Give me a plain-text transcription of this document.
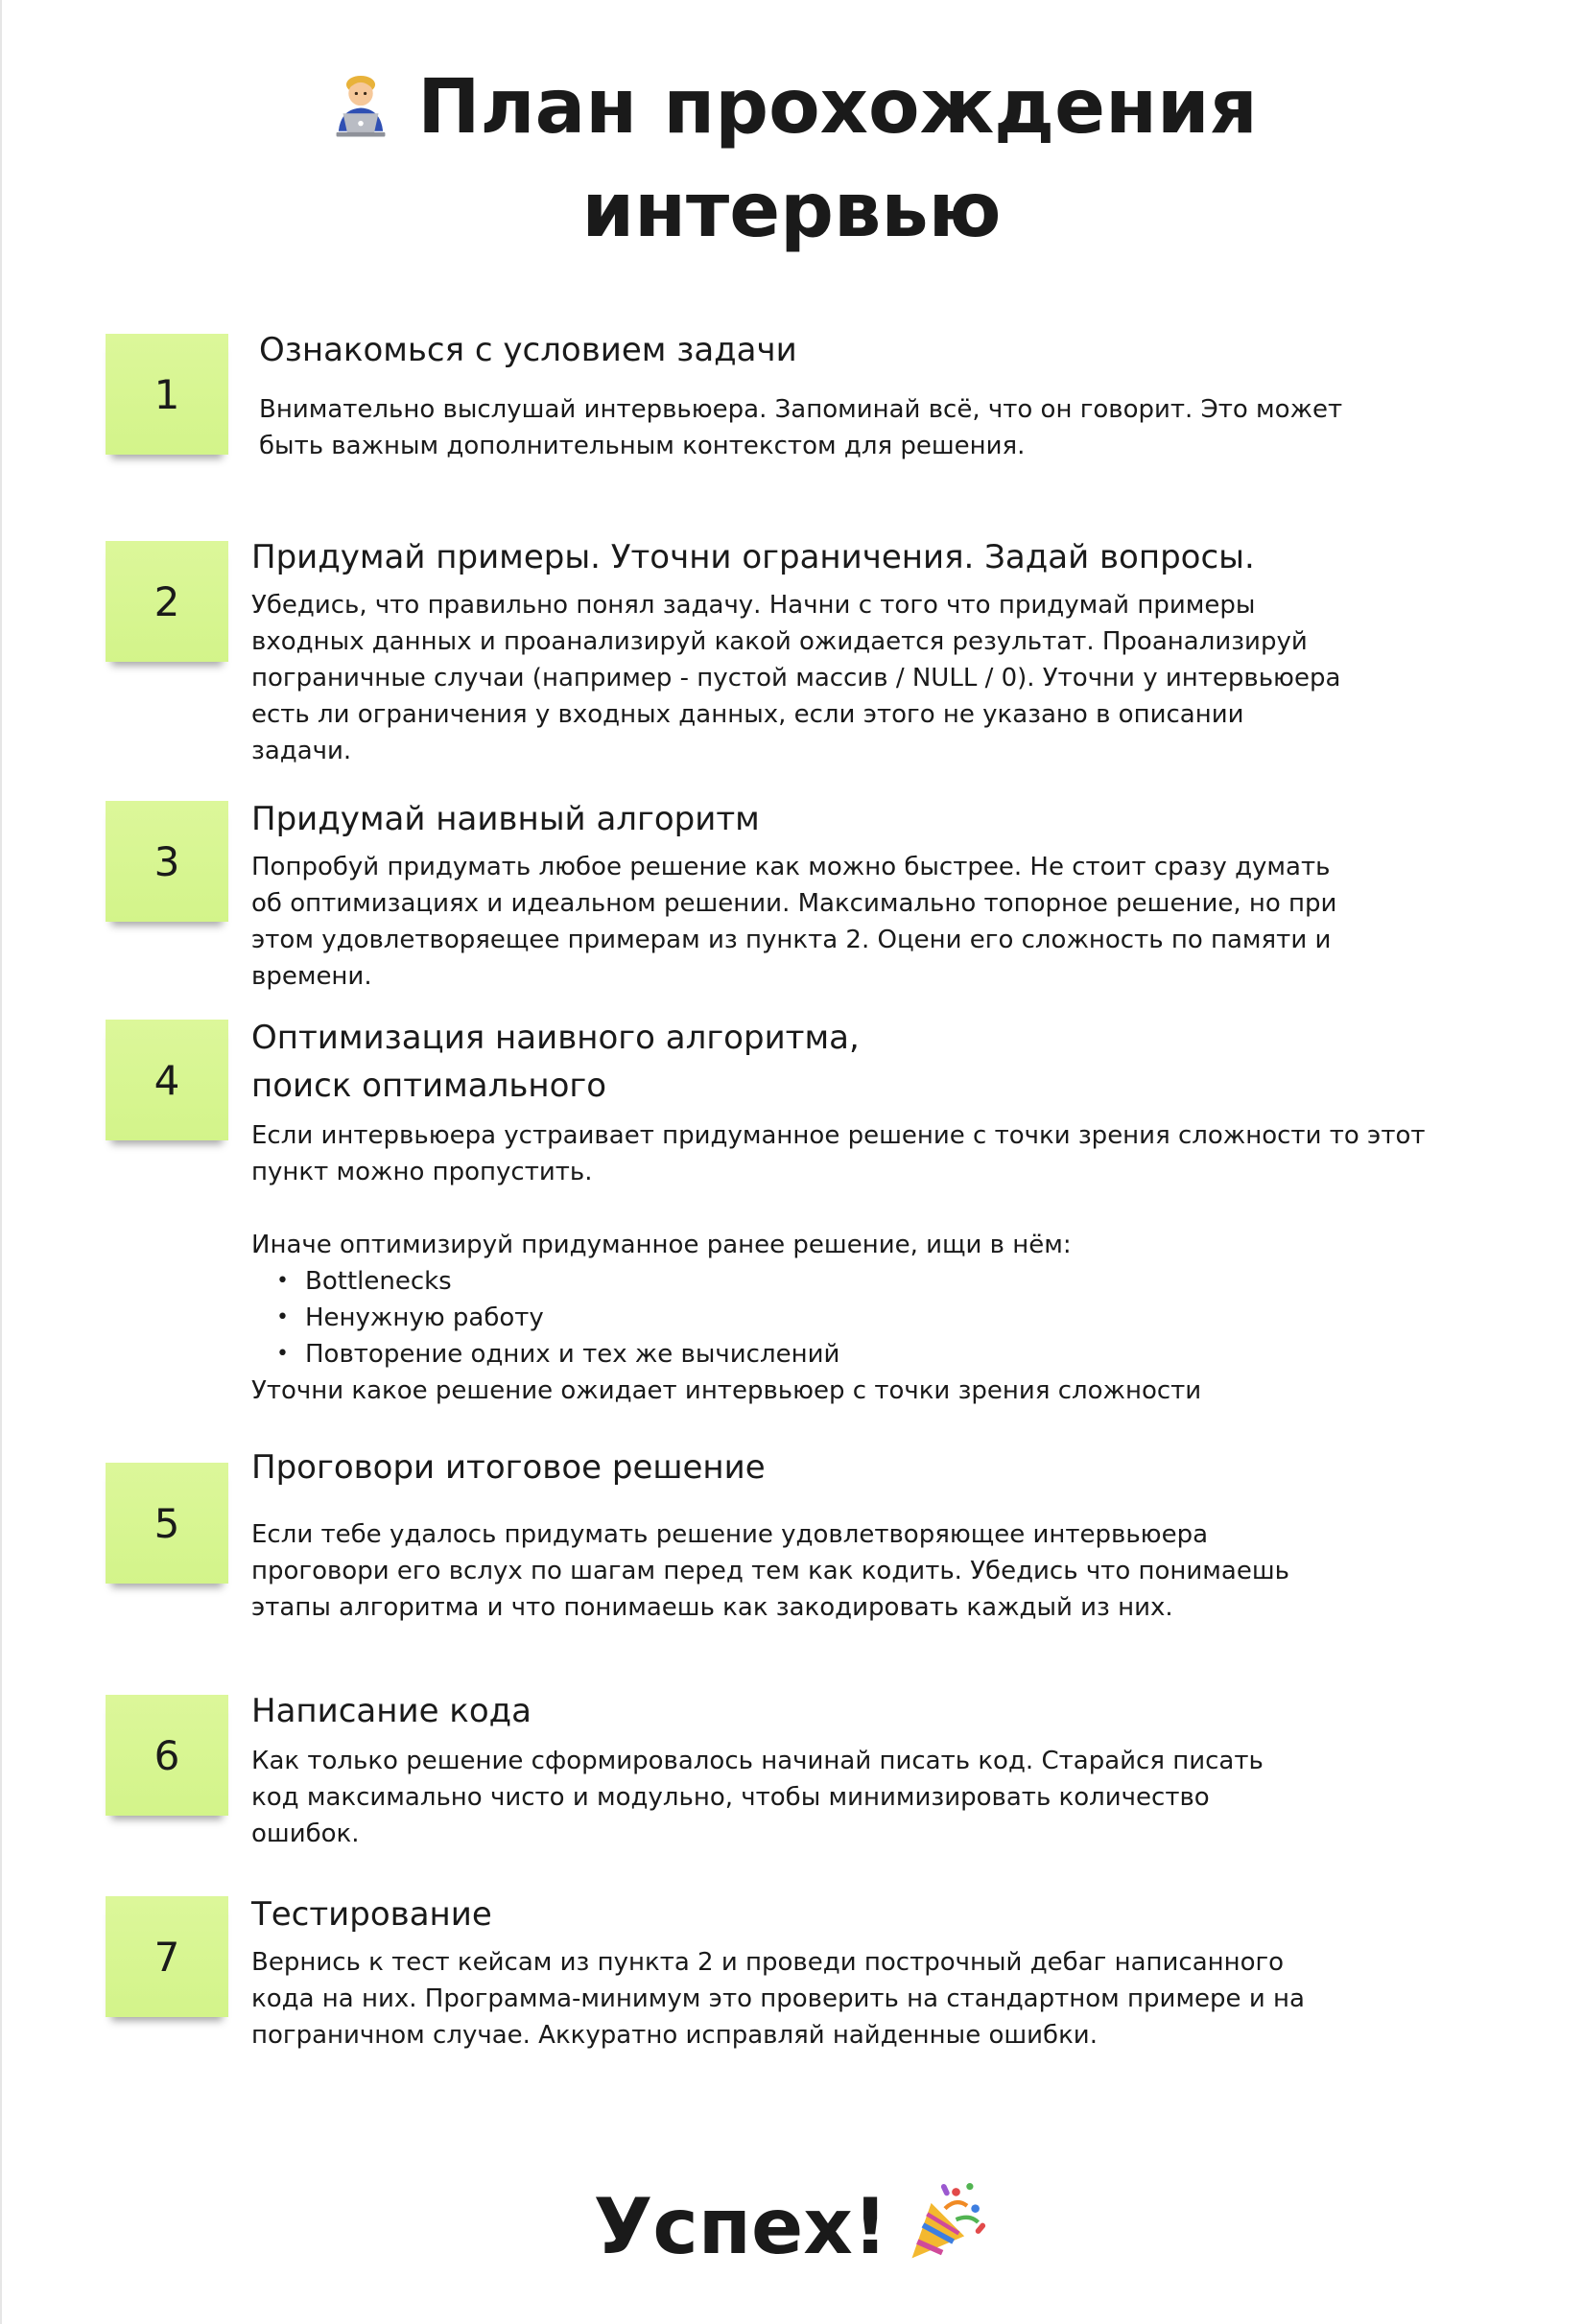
План прохождения
интервью
1
Ознакомься с условием задачи

Внимательно выслушай интервьюера. Запоминай всё, что он говорит. Это может быть важным дополнительным контекстом для решения.

2
Придумай примеры. Уточни ограничения. Задай вопросы.

Убедись, что правильно понял задачу. Начни с того что придумай примеры входных данных и проанализируй какой ожидается результат. Проанализируй пограничные случаи (например - пустой массив / NULL / 0). Уточни у интервьюера есть ли ограничения у входных данных, если этого не указано в описании задачи.

3
Придумай наивный алгоритм

Попробуй придумать любое решение как можно быстрее. Не стоит сразу думать об оптимизациях и идеальном решении. Максимально топорное решение, но при этом удовлетворяещее примерам из пункта 2. Оцени его сложность по памяти и времени.

4
Оптимизация наивного алгоритма,
поиск оптимального

Если интервьюера устраивает придуманное решение с точки зрения сложности то этот пункт можно пропустить.

Иначе оптимизируй придуманное ранее решение, ищи в нём:

• Bottlenecks
• Ненужную работу
• Повторение одних и тех же вычислений

Уточни какое решение ожидает интервьюер с точки зрения сложности

5
Проговори итоговое решение

Если тебе удалось придумать решение удовлетворяющее интервьюера проговори его вслух по шагам перед тем как кодить. Убедись что понимаешь этапы алгоритма и что понимаешь как закодировать каждый из них.

6
Написание кода

Как только решение сформировалось начинай писать код. Старайся писать код максимально чисто и модульно, чтобы минимизировать количество ошибок.

7
Тестирование

Вернись к тест кейсам из пункта 2 и проведи построчный дебаг написанного кода на них. Программа-минимум это проверить на стандартном примере и на пограничном случае. Аккуратно исправляй найденные ошибки.

Успех!
